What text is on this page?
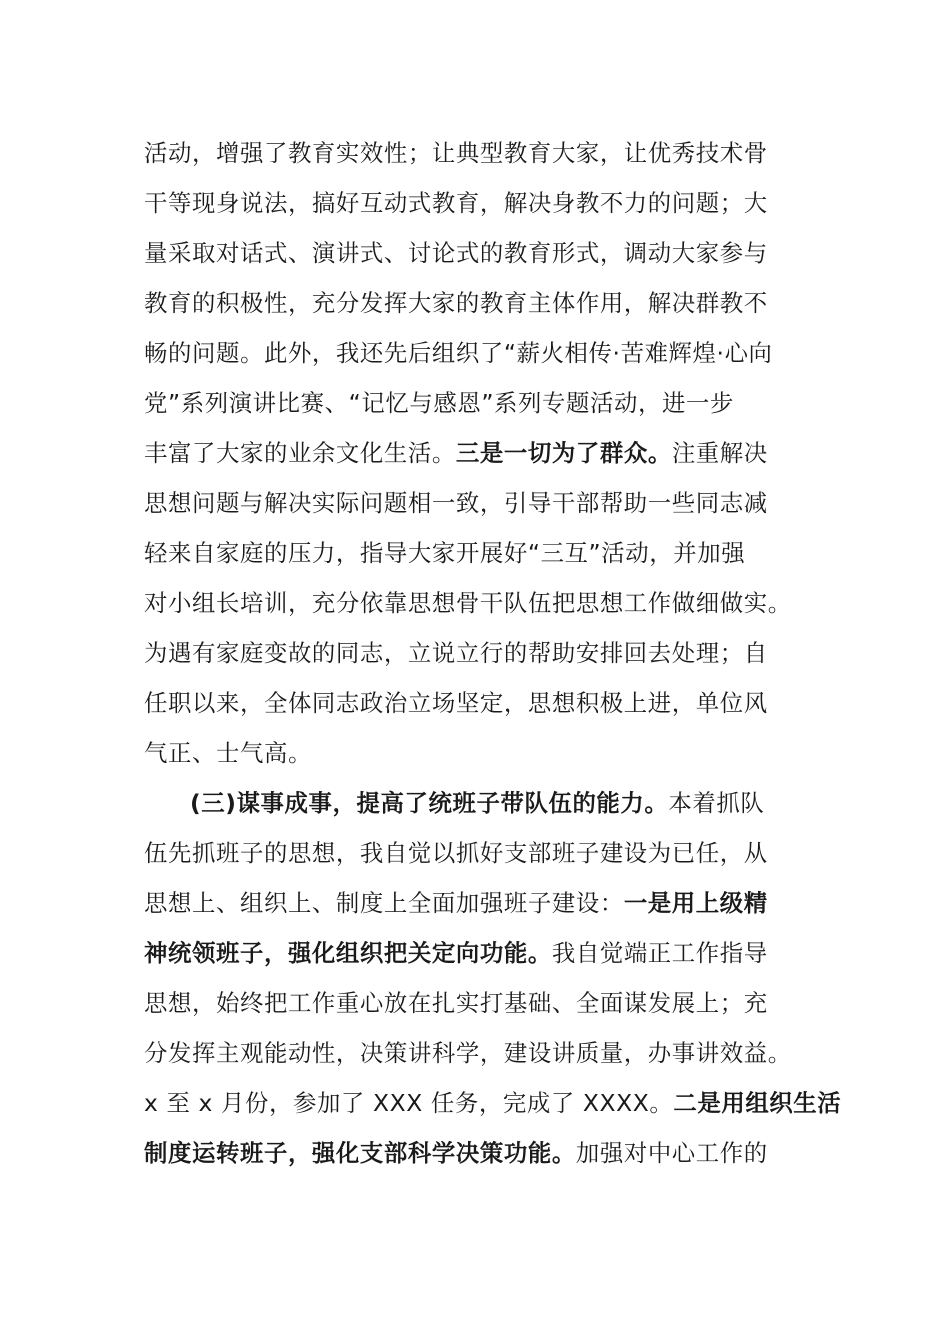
活动，增强了教育实效性；让典型教育大家，让优秀技术骨
干等现身说法，搞好互动式教育，解决身教不力的问题；大
量采取对话式、演讲式、讨论式的教育形式，调动大家参与
教育的积极性，充分发挥大家的教育主体作用，解决群教不
畅的问题。此外，我还先后组织了“薪火相传·苦难辉煌·心向
党”系列演讲比赛、“记忆与感恩”系列专题活动，进一步
丰富了大家的业余文化生活。三是一切为了群众。注重解决
思想问题与解决实际问题相一致，引导干部帮助一些同志减
轻来自家庭的压力，指导大家开展好“三互”活动，并加强
对小组长培训，充分依靠思想骨干队伍把思想工作做细做实。
为遇有家庭变故的同志，立说立行的帮助安排回去处理；自
任职以来，全体同志政治立场坚定，思想积极上进，单位风
气正、士气高。
(三)谋事成事，提高了统班子带队伍的能力。本着抓队
伍先抓班子的思想，我自觉以抓好支部班子建设为已任，从
思想上、组织上、制度上全面加强班子建设：一是用上级精
神统领班子，强化组织把关定向功能。我自觉端正工作指导
思想，始终把工作重心放在扎实打基础、全面谋发展上；充
分发挥主观能动性，决策讲科学，建设讲质量，办事讲效益。
x 至 x 月份，参加了 XXX 任务，完成了 XXXX。二是用组织生活
制度运转班子，强化支部科学决策功能。加强对中心工作的
